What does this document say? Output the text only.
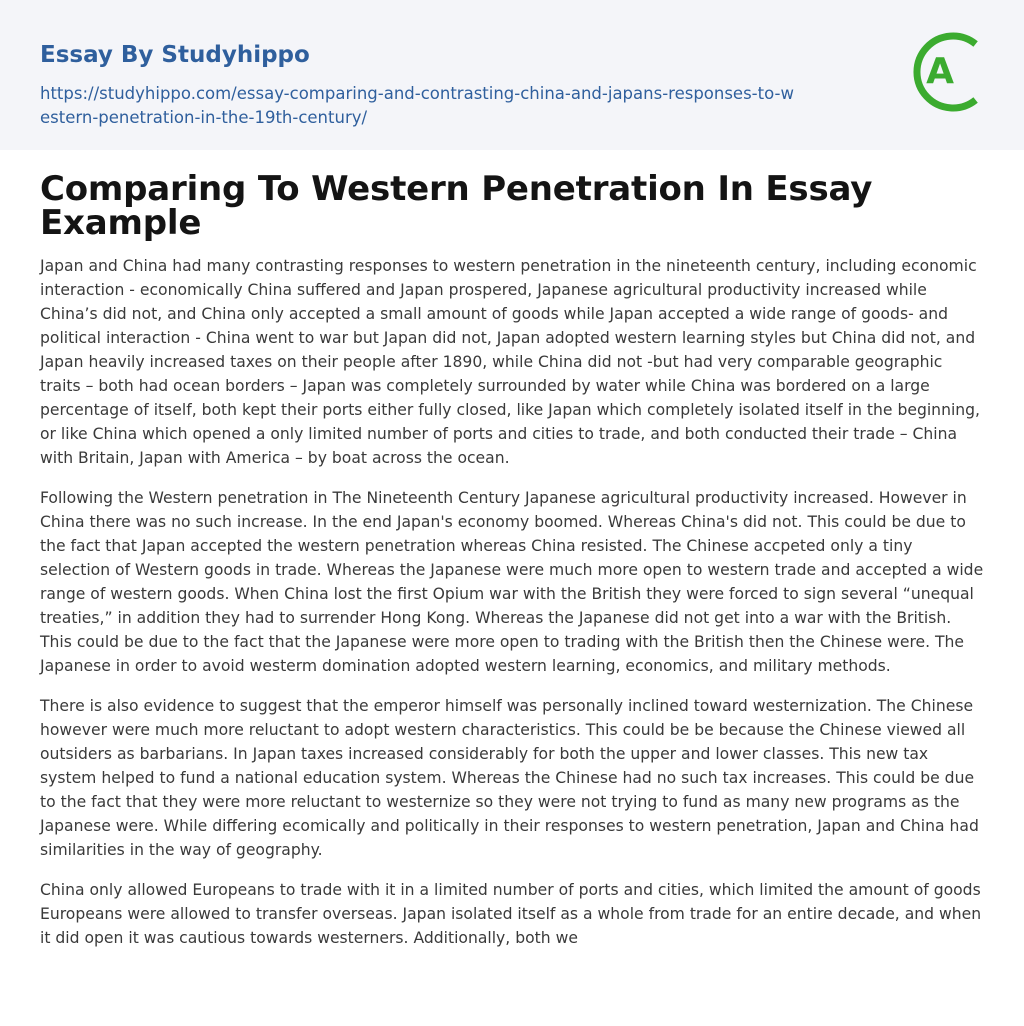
Essay By Studyhippo
https://studyhippo.com/essay-comparing-and-contrasting-china-and-japans-responses-to-western-penetration-in-the-19th-century/
A
Comparing To Western Penetration In Essay Example

Japan and China had many contrasting responses to western penetration in the nineteenth century, including economic interaction - economically China suffered and Japan prospered, Japanese agricultural productivity increased while China’s did not, and China only accepted a small amount of goods while Japan accepted a wide range of goods- and political interaction - China went to war but Japan did not, Japan adopted western learning styles but China did not, and Japan heavily increased taxes on their people after 1890, while China did not -but had very comparable geographic traits – both had ocean borders – Japan was completely surrounded by water while China was bordered on a large percentage of itself, both kept their ports either fully closed, like Japan which completely isolated itself in the beginning, or like China which opened a only limited number of ports and cities to trade, and both conducted their trade – China with Britain, Japan with America – by boat across the ocean.

Following the Western penetration in The Nineteenth Century Japanese agricultural productivity increased. However in China there was no such increase. In the end Japan's economy boomed. Whereas China's did not. This could be due to the fact that Japan accepted the western penetration whereas China resisted. The Chinese accpeted only a tiny selection of Western goods in trade. Whereas the Japanese were much more open to western trade and accepted a wide range of western goods. When China lost the first Opium war with the British they were forced to sign several “unequal treaties,” in addition they had to surrender Hong Kong. Whereas the Japanese did not get into a war with the British. This could be due to the fact that the Japanese were more open to trading with the British then the Chinese were. The Japanese in order to avoid westerm domination adopted western learning, economics, and military methods.

There is also evidence to suggest that the emperor himself was personally inclined toward westernization. The Chinese however were much more reluctant to adopt western characteristics. This could be be because the Chinese viewed all outsiders as barbarians. In Japan taxes increased considerably for both the upper and lower classes. This new tax system helped to fund a national education system. Whereas the Chinese had no such tax increases. This could be due to the fact that they were more reluctant to westernize so they were not trying to fund as many new programs as the Japanese were. While differing ecomically and politically in their responses to western penetration, Japan and China had similarities in the way of geography.

China only allowed Europeans to trade with it in a limited number of ports and cities, which limited the amount of goods Europeans were allowed to transfer overseas. Japan isolated itself as a whole from trade for an entire decade, and when it did open it was cautious towards westerners. Additionally, both we
